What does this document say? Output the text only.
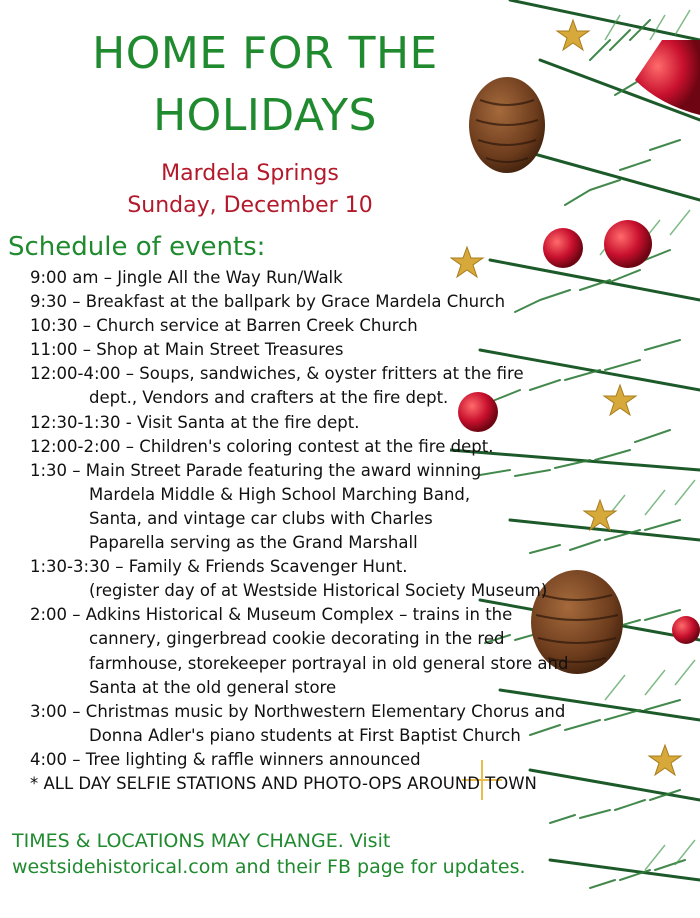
HOME FOR THE
HOLIDAYS
Mardela Springs
Sunday, December 10
Schedule of events:
9:00 am – Jingle All the Way Run/Walk
9:30 – Breakfast at the ballpark by Grace Mardela Church
10:30 – Church service at Barren Creek Church
11:00 – Shop at Main Street Treasures
12:00-4:00 – Soups, sandwiches, & oyster fritters at the fire
dept., Vendors and crafters at the fire dept.
12:30-1:30 - Visit Santa at the fire dept.
12:00-2:00 – Children's coloring contest at the fire dept.
1:30 – Main Street Parade featuring the award winning
Mardela Middle & High School Marching Band,
Santa, and vintage car clubs with Charles
Paparella serving as the Grand Marshall
1:30-3:30 – Family & Friends Scavenger Hunt.
(register day of at Westside Historical Society Museum)
2:00 – Adkins Historical & Museum Complex – trains in the
cannery, gingerbread cookie decorating in the red
farmhouse, storekeeper portrayal in old general store and
Santa at the old general store
3:00 – Christmas music by Northwestern Elementary Chorus and
Donna Adler's piano students at First Baptist Church
4:00 – Tree lighting & raffle winners announced
* ALL DAY SELFIE STATIONS AND PHOTO-OPS AROUND TOWN
TIMES & LOCATIONS MAY CHANGE. Visit
westsidehistorical.com and their FB page for updates.
